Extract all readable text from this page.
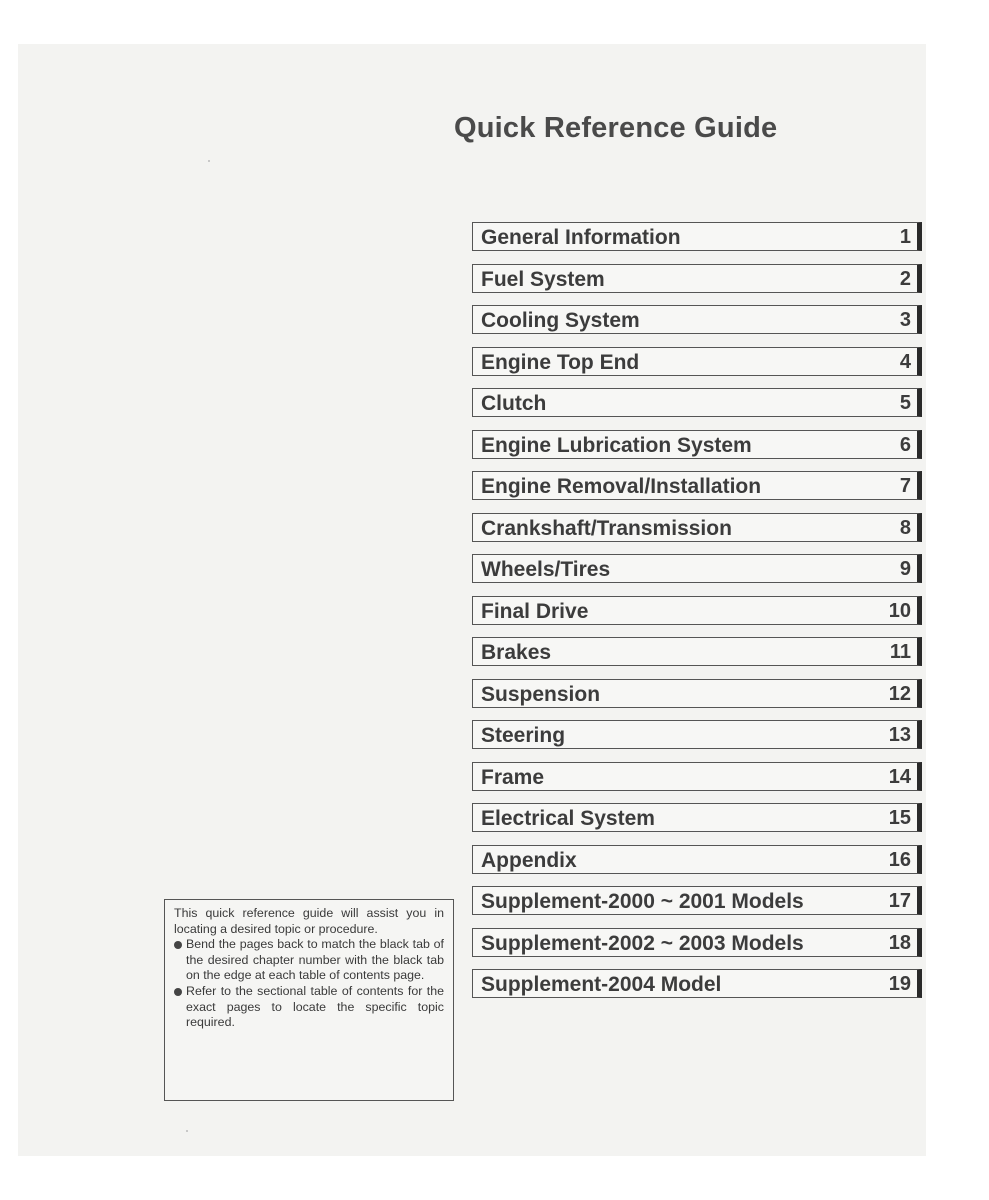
Quick Reference Guide
General Information	1
Fuel System	2
Cooling System	3
Engine Top End	4
Clutch	5
Engine Lubrication System	6
Engine Removal/Installation	7
Crankshaft/Transmission	8
Wheels/Tires	9
Final Drive	10
Brakes	11
Suspension	12
Steering	13
Frame	14
Electrical System	15
Appendix	16
Supplement-2000 ~ 2001 Models	17
Supplement-2002 ~ 2003 Models	18
Supplement-2004 Model	19

This quick reference guide will assist you in locating a desired topic or procedure.

Bend the pages back to match the black tab of the desired chapter number with the black tab on the edge at each table of contents page.

Refer to the sectional table of contents for the exact pages to locate the specific topic required.
